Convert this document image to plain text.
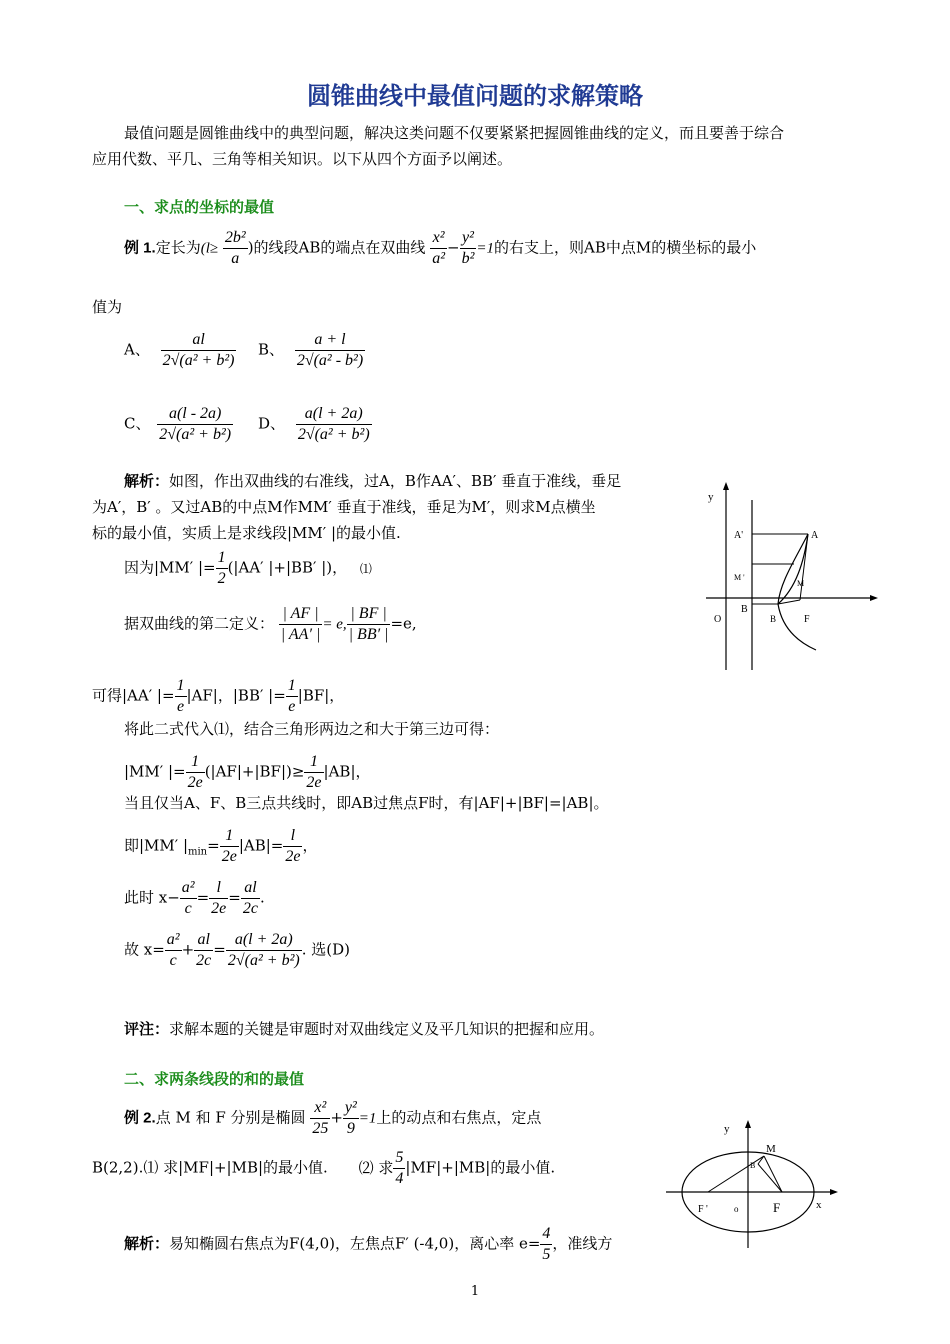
圆锥曲线中最值问题的求解策略
最值问题是圆锥曲线中的典型问题，解决这类问题不仅要紧紧把握圆锥曲线的定义，而且要善于综合
应用代数、平几、三角等相关知识。以下从四个方面予以阐述。
一、求点的坐标的最值
例 1.定长为($l\ge \frac{\text{2b²}}{a}$ )的线段AB的端点在双曲线 $\frac{\text{x²}}{\text{a²}} - \frac{\text{y²}}{\text{b²}} =1$的右支上，则AB中点M的横坐标的最小
值为
A、 $\frac{al}{\text{2√(a² + b²)}}$ B、 $\frac{a + l}{\text{2√(a² - b²)}}$
C、 $\frac{a(l - 2a)}{\text{2√(a² + b²)}}$ D、 $\frac{a(l + 2a)}{\text{2√(a² + b²)}}$
解析：如图，作出双曲线的右准线，过A，B作AA′、BB′ 垂直于准线，垂足
为A′，B′ 。又过AB的中点M作MM′ 垂直于准线，垂足为M′，则求M点横坐
标的最小值，实质上是求线段|MM′ |的最小值.
因为|MM′ |= $\frac{1}{2} (|AA'$ |+|BB′ |)， ⑴
据双曲线的第二定义： $\frac{| AF |}{| AA' |} = e$, $\frac{| BF |}{| BB' |} =e$,
可得|AA′ |= $\frac{1}{e} |AF|$，|BB′ |= $\frac{1}{e} |BF|$，
将此二式代入⑴，结合三角形两边之和大于第三边可得：
|MM′ |= $\frac{1}{2e} (|AF|+|BF|)\ge \frac{1}{2e} |AB|$，
当且仅当A、F、B三点共线时，即AB过焦点F时，有|AF|+|BF|=|AB|。
即|MM′ $|_{min}= \frac{1}{2e} |AB|= \frac{l}{2e}$ ，
此时 $x- \frac{\text{a²}}{c} = \frac{l}{2e} = \frac{al}{2c}$ .
故 $x= \frac{\text{a²}}{c} + \frac{al}{2c} = \frac{a(l + 2a)}{\text{2√(a² + b²)}}$ . 选(D)
评注：求解本题的关键是审题时对双曲线定义及平几知识的把握和应用。
二、求两条线段的和的最值
例 2.点 M 和 F 分别是椭圆 $\frac{\text{x²}}{25} + \frac{\text{y²}}{9} =1$上的动点和右焦点，定点
B(2,2).⑴ 求|MF|+|MB|的最小值. ⑵ 求 $\frac{5}{4} |MF|+|MB|$的最小值.
解析：易知椭圆右焦点为F(4,0)，左焦点F′ (-4,0)，离心率 $e= \frac{4}{5}$ ，准线方
y
A'	A
M '
M
B
O	B	F
y
M
B
F '	o	F	x
1
